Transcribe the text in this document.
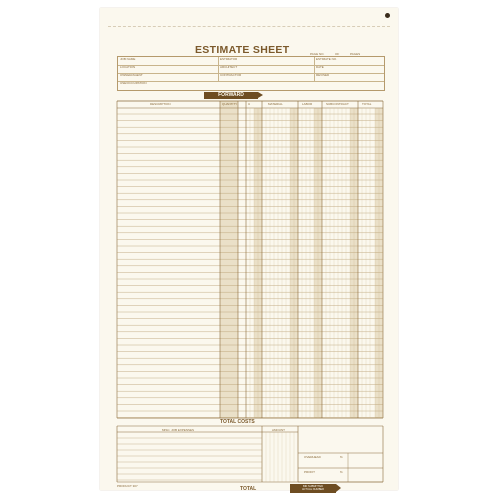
ESTIMATE SHEET	PAGE NO.	OF	PAGES
JOB NAME	ESTIMATOR	ESTIMATE NO.
LOCATION	ARCHITECT	DATE
OWNER/AGENT	CONTRACTOR	REVISED
USE/OCCUPATION
FORWARD
DESCRIPTION	QUANTITY	U	MATERIAL	LABOR	SUBCONTRACT	TOTAL
TOTAL COSTS
MISC. JOB EXPENSES	AMOUNT
OVERHEAD	%
PROFIT	%
TOTAL	BID SUBMITTED
ACTUAL NUMBER
PRODUCT 307
